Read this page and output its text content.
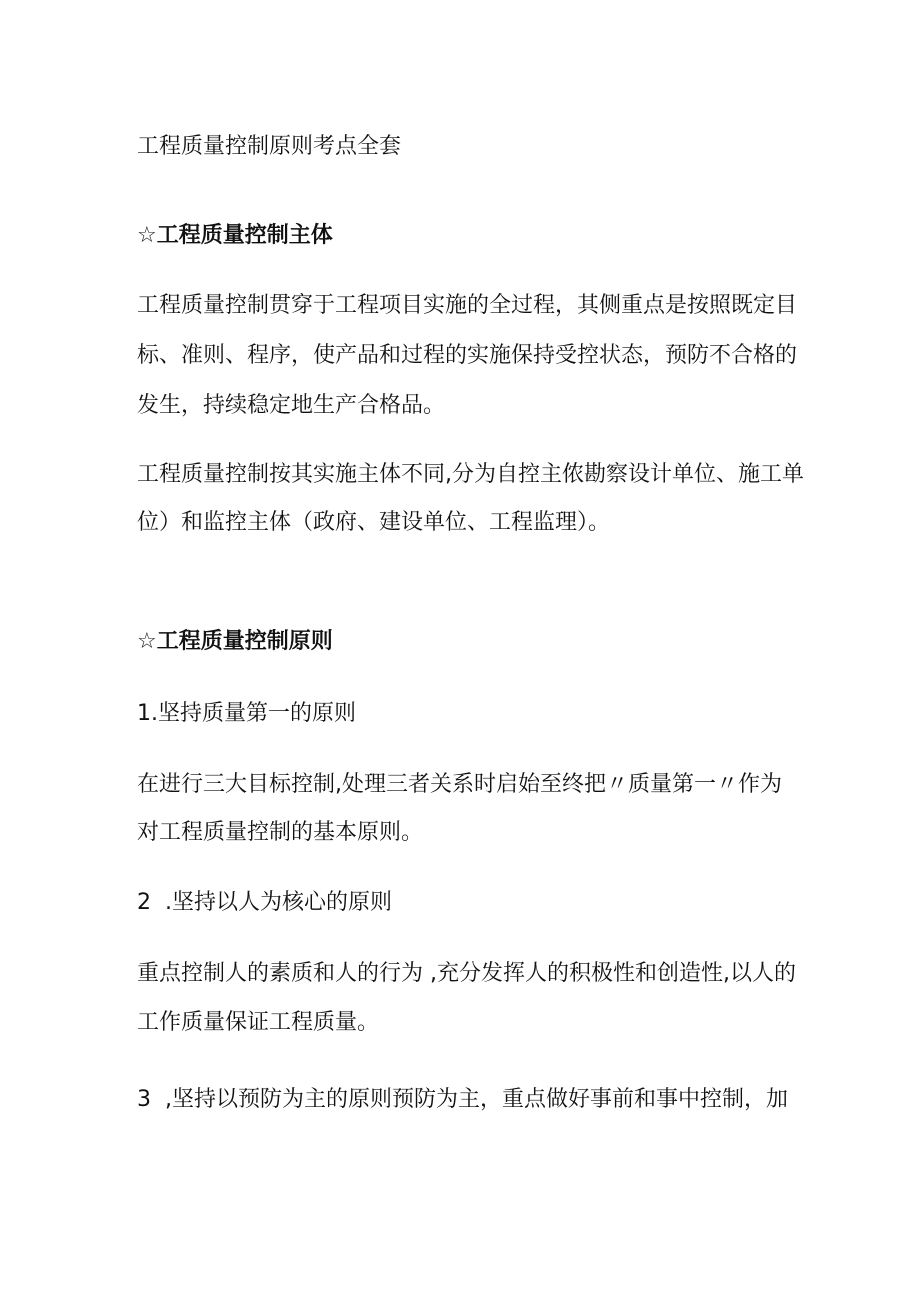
工程质量控制原则考点全套
☆工程质量控制主体
工程质量控制贯穿于工程项目实施的全过程，其侧重点是按照既定目
标、准则、程序，使产品和过程的实施保持受控状态，预防不合格的
发生，持续稳定地生产合格品。
工程质量控制按其实施主体不同,分为自控主侬勘察设计单位、施工单
位）和监控主体（政府、建设单位、工程监理）。
☆工程质量控制原则
1.坚持质量第一的原则
在进行三大目标控制,处理三者关系时启始至终把〃质量第一〃作为
对工程质量控制的基本原则。
2  .坚持以人为核心的原则
重点控制人的素质和人的行为 ,充分发挥人的积极性和创造性,以人的
工作质量保证工程质量。
3  ,坚持以预防为主的原则预防为主，重点做好事前和事中控制，加
